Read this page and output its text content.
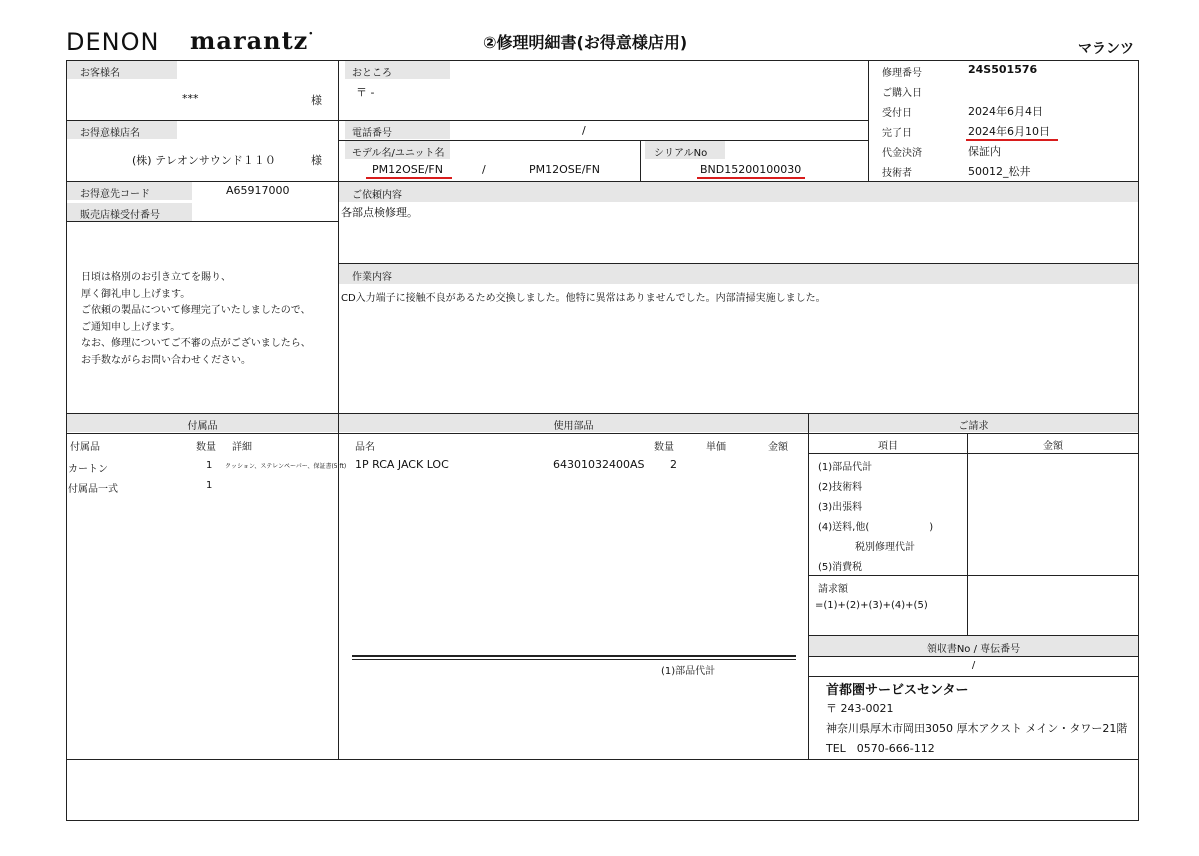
DENON marantz·	②修理明細書(お得意様店用)	マランツ
お客様名
***	様
おところ
〒 -
修理番号	24S501576
ご購入日
受付日	2024年6月4日
完了日	2024年6月10日
代金決済	保証内
技術者	50012_松井
お得意様店名
(株) テレオンサウンド１１０	様
電話番号	/
モデル名/ユニット名
PM12OSE/FN	/	PM12OSE/FN
シリアルNo
BND15200100030
お得意先コード	A65917000
販売店様受付番号
ご依頼内容
各部点検修理。
作業内容
CD入力端子に接触不良があるため交換しました。他特に異常はありませんでした。内部清掃実施しました。
日頃は格別のお引き立てを賜り、
厚く御礼申し上げます。
ご依頼の製品について修理完了いたしましたので、
ご通知申し上げます。
なお、修理についてご不審の点がございましたら、
お手数ながらお問い合わせください。
付属品
付属品	数量 詳細
カートン	1 クッション、ステレンペーパー、保証書(5 ft)
付属品一式	1
使用部品
品名	数量	単価	金額
1P RCA JACK LOC	64301032400AS 2
(1)部品代計
ご請求
項目	金額
(1)部品代計
(2)技術料
(3)出張料
(4)送料,他(　　　　　　)
税別修理代計
(5)消費税
請求額
=(1)+(2)+(3)+(4)+(5)
領収書No / 専伝番号
/
首都圏サービスセンター
〒 243-0021
神奈川県厚木市岡田3050 厚木アクスト メイン・タワー21階
TEL　0570-666-112
